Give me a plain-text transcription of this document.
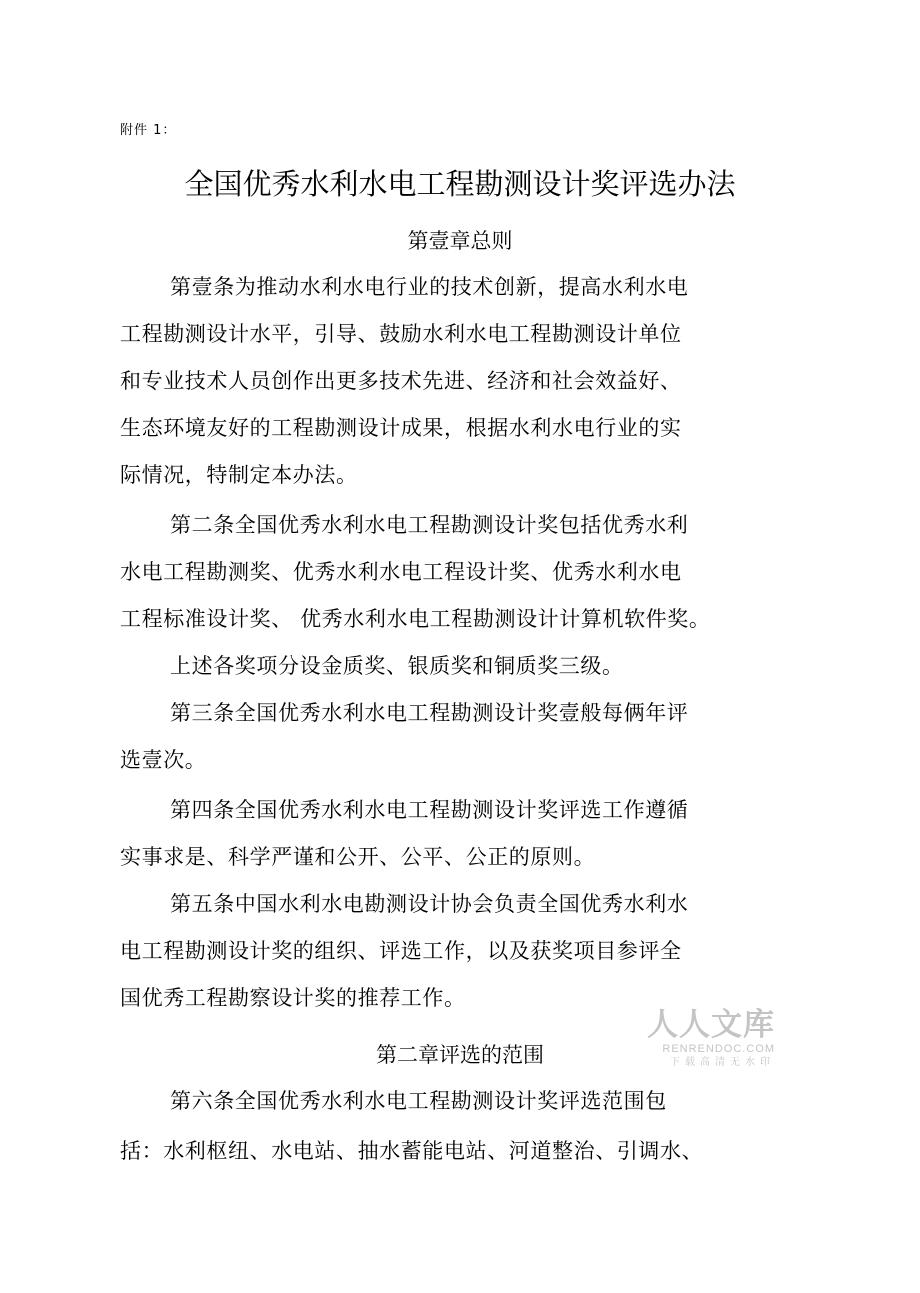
附件 1：
全国优秀水利水电工程勘测设计奖评选办法
第壹章总则
第壹条为推动水利水电行业的技术创新，提高水利水电
工程勘测设计水平，引导、鼓励水利水电工程勘测设计单位
和专业技术人员创作出更多技术先进、经济和社会效益好、
生态环境友好的工程勘测设计成果，根据水利水电行业的实
际情况，特制定本办法。
第二条全国优秀水利水电工程勘测设计奖包括优秀水利
水电工程勘测奖、优秀水利水电工程设计奖、优秀水利水电
工程标准设计奖、 优秀水利水电工程勘测设计计算机软件奖。
上述各奖项分设金质奖、银质奖和铜质奖三级。
第三条全国优秀水利水电工程勘测设计奖壹般每俩年评
选壹次。
第四条全国优秀水利水电工程勘测设计奖评选工作遵循
实事求是、科学严谨和公开、公平、公正的原则。
第五条中国水利水电勘测设计协会负责全国优秀水利水
电工程勘测设计奖的组织、评选工作，以及获奖项目参评全
国优秀工程勘察设计奖的推荐工作。
第二章评选的范围
第六条全国优秀水利水电工程勘测设计奖评选范围包
括：水利枢纽、水电站、抽水蓄能电站、河道整治、引调水、
人人文库
RENRENDOC.COM
下载高清无水印
